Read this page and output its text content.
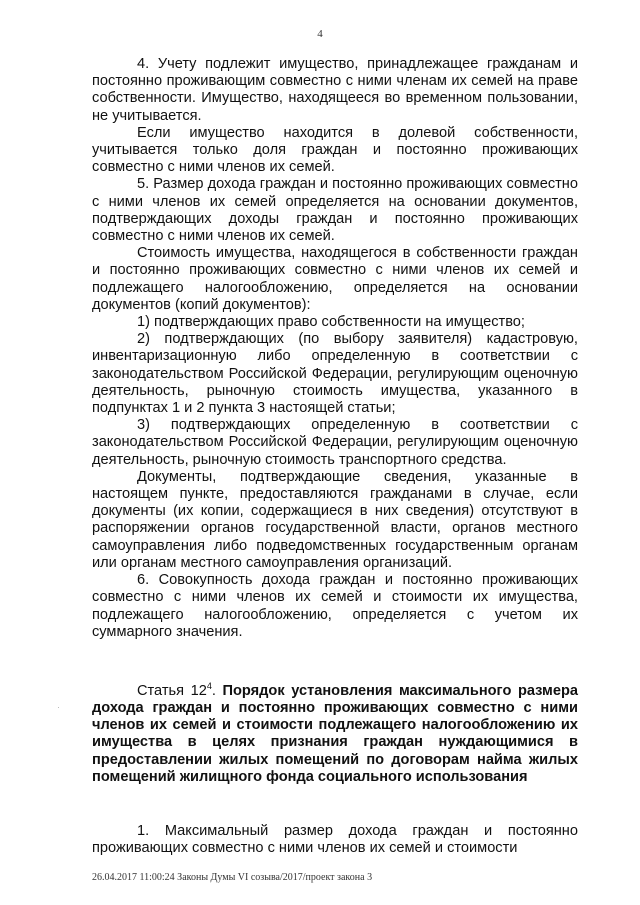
4

4. Учету подлежит имущество, принадлежащее гражданам и постоянно проживающим совместно с ними членам их семей на праве собственности. Имущество, находящееся во временном пользовании, не учитывается.

Если имущество находится в долевой собственности, учитывается только доля граждан и постоянно проживающих совместно с ними членов их семей.

5. Размер дохода граждан и постоянно проживающих совместно с ними членов их семей определяется на основании документов, подтверждающих доходы граждан и постоянно проживающих совместно с ними членов их семей.

Стоимость имущества, находящегося в собственности граждан и постоянно проживающих совместно с ними членов их семей и подлежащего налогообложению, определяется на основании документов (копий документов):

1) подтверждающих право собственности на имущество;

2) подтверждающих (по выбору заявителя) кадастровую, инвентаризационную либо определенную в соответствии с законодательством Российской Федерации, регулирующим оценочную деятельность, рыночную стоимость имущества, указанного в подпунктах 1 и 2 пункта 3 настоящей статьи;

3) подтверждающих определенную в соответствии с законодательством Российской Федерации, регулирующим оценочную деятельность, рыночную стоимость транспортного средства.

Документы, подтверждающие сведения, указанные в настоящем пункте, предоставляются гражданами в случае, если документы (их копии, содержащиеся в них сведения) отсутствуют в распоряжении органов государственной власти, органов местного самоуправления либо подведомственных государственным органам или органам местного самоуправления организаций.

6. Совокупность дохода граждан и постоянно проживающих совместно с ними членов их семей и стоимости их имущества, подлежащего налогообложению, определяется с учетом их суммарного значения.

Статья $12^4$. Порядок установления максимального размера дохода граждан и постоянно проживающих совместно с ними членов их семей и стоимости подлежащего налогообложению их имущества в целях признания граждан нуждающимися в предоставлении жилых помещений по договорам найма жилых помещений жилищного фонда социального использования

1. Максимальный размер дохода граждан и постоянно проживающих совместно с ними членов их семей и стоимости

26.04.2017 11:00:24 Законы Думы VI созыва/2017/проект закона 3
